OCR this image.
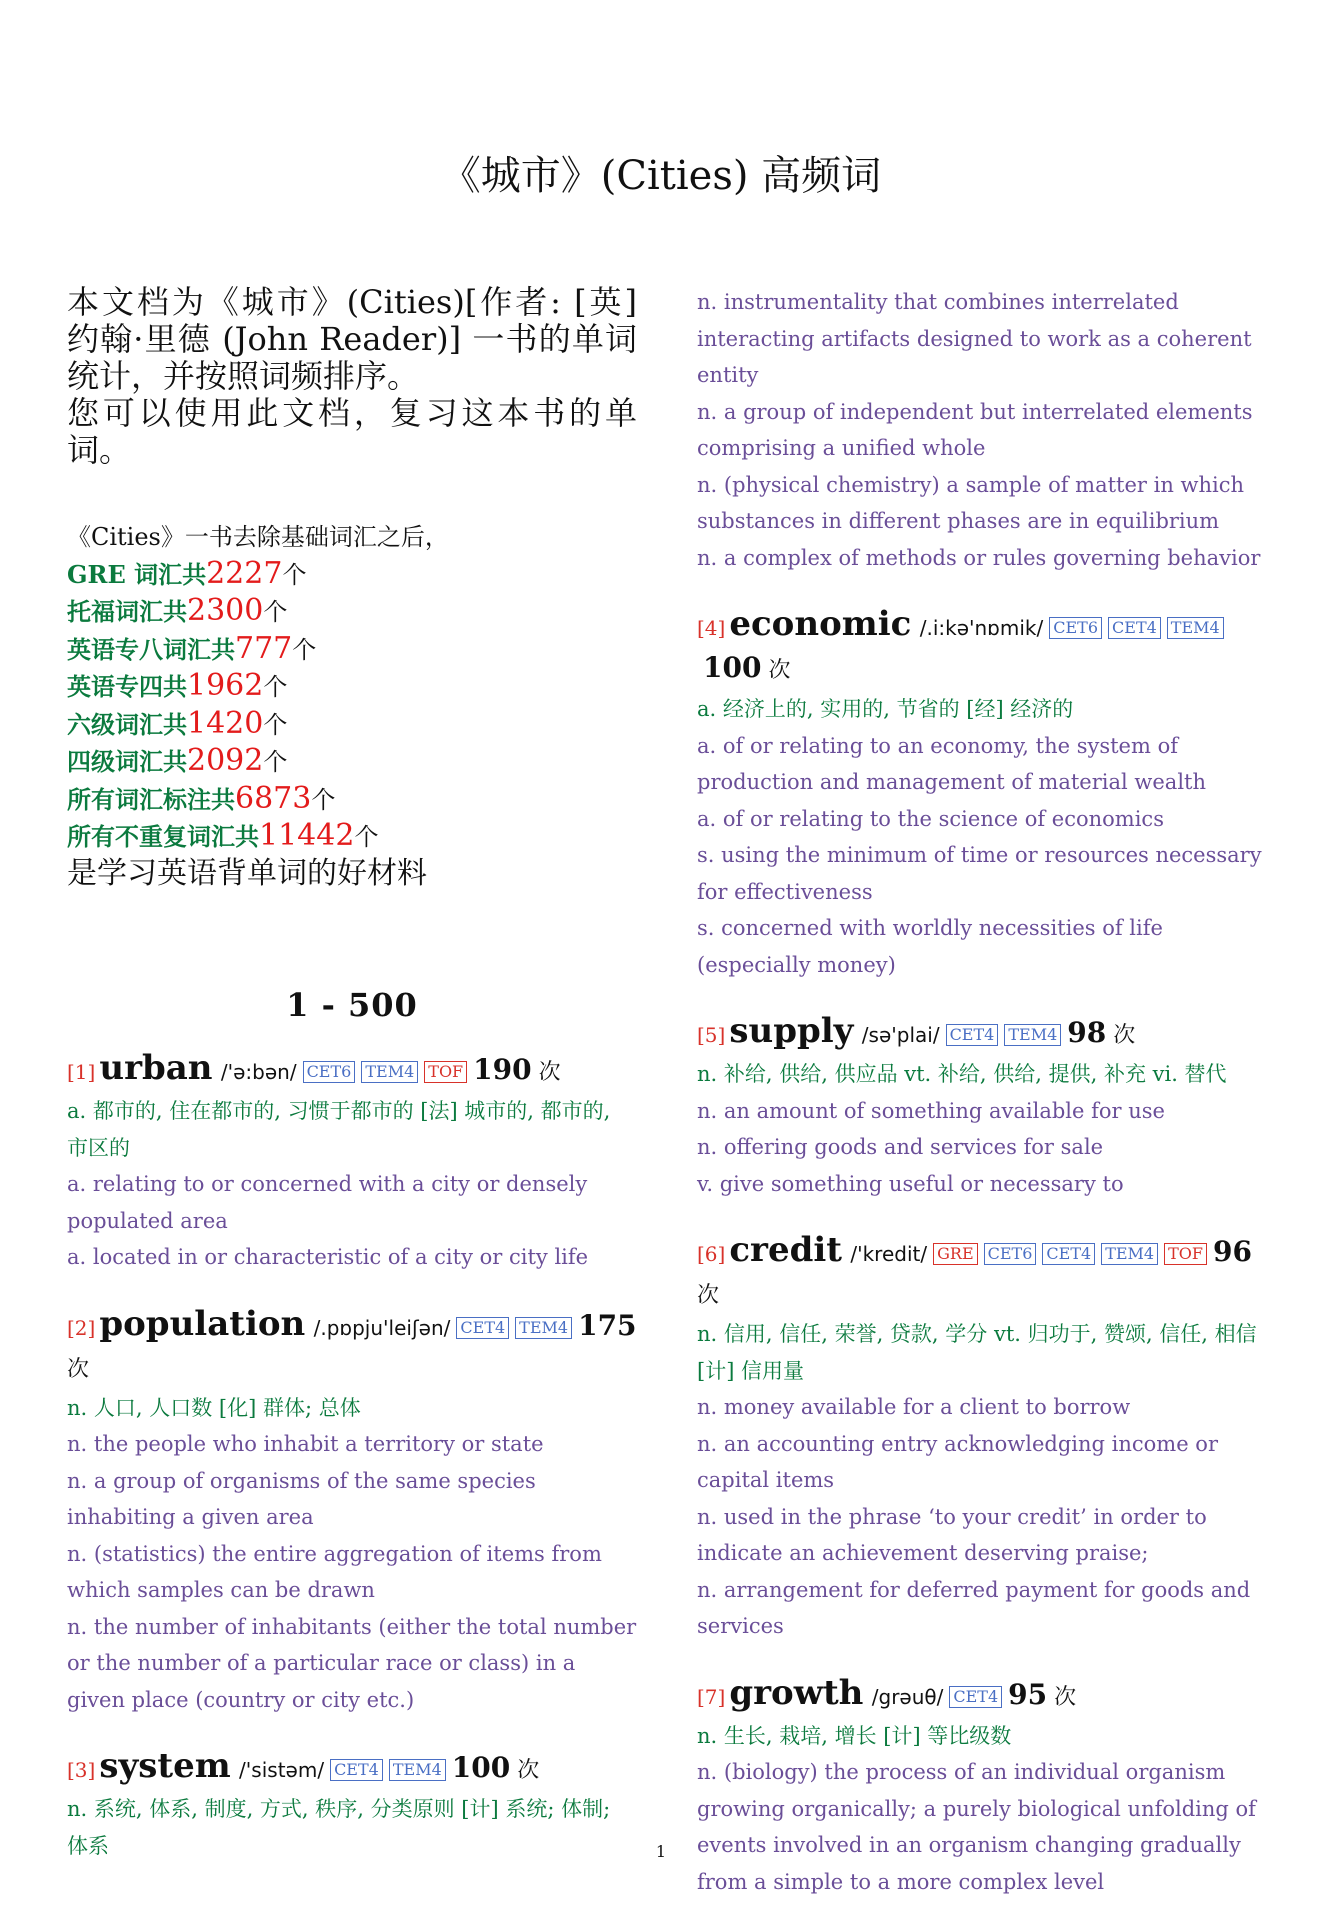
《城市》(Cities) 高频词

本文档为《城市》(Cities)[作者: [英] 约翰·里德 (John Reader)] 一书的单词统计，并按照词频排序。

您可以使用此文档，复习这本书的单词。

《Cities》一书去除基础词汇之后，
GRE 词汇共2227个
托福词汇共2300个
英语专八词汇共777个
英语专四共1962个
六级词汇共1420个
四级词汇共2092个
所有词汇标注共6873个
所有不重复词汇共11442个
是学习英语背单词的好材料
1 - 500
[1] urban /'ə:bən/ CET6 TEM4 TOF 190 次
a. 都市的, 住在都市的, 习惯于都市的 [法] 城市的, 都市的, 市区的
a. relating to or concerned with a city or densely populated area
a. located in or characteristic of a city or city life
[2] population /.pɒpju'leiʃən/ CET4 TEM4 175 次
n. 人口, 人口数 [化] 群体; 总体
n. the people who inhabit a territory or state
n. a group of organisms of the same species inhabiting a given area
n. (statistics) the entire aggregation of items from which samples can be drawn
n. the number of inhabitants (either the total number or the number of a particular race or class) in a given place (country or city etc.)
[3] system /'sistəm/ CET4 TEM4 100 次
n. 系统, 体系, 制度, 方式, 秩序, 分类原则 [计] 系统; 体制; 体系
n. instrumentality that combines interrelated interacting artifacts designed to work as a coherent entity
n. a group of independent but interrelated elements comprising a unified whole
n. (physical chemistry) a sample of matter in which substances in different phases are in equilibrium
n. a complex of methods or rules governing behavior
[4] economic /.i:kə'nɒmik/ CET6 CET4 TEM4100 次
a. 经济上的, 实用的, 节省的 [经] 经济的
a. of or relating to an economy, the system of production and management of material wealth
a. of or relating to the science of economics
s. using the minimum of time or resources necessary for effectiveness
s. concerned with worldly necessities of life (especially money)
[5] supply /sə'plai/ CET4 TEM4 98 次
n. 补给, 供给, 供应品 vt. 补给, 供给, 提供, 补充 vi. 替代
n. an amount of something available for use
n. offering goods and services for sale
v. give something useful or necessary to
[6] credit /'kredit/ GRE CET6 CET4 TEM4 TOF 96 次
n. 信用, 信任, 荣誉, 贷款, 学分 vt. 归功于, 赞颂, 信任, 相信 [计] 信用量
n. money available for a client to borrow
n. an accounting entry acknowledging income or capital items
n. used in the phrase ‘to your credit’ in order to indicate an achievement deserving praise;
n. arrangement for deferred payment for goods and services
[7] growth /grəuθ/ CET4 95 次
n. 生长, 栽培, 增长 [计] 等比级数
n. (biology) the process of an individual organism growing organically; a purely biological unfolding of events involved in an organism changing gradually from a simple to a more complex level
1
